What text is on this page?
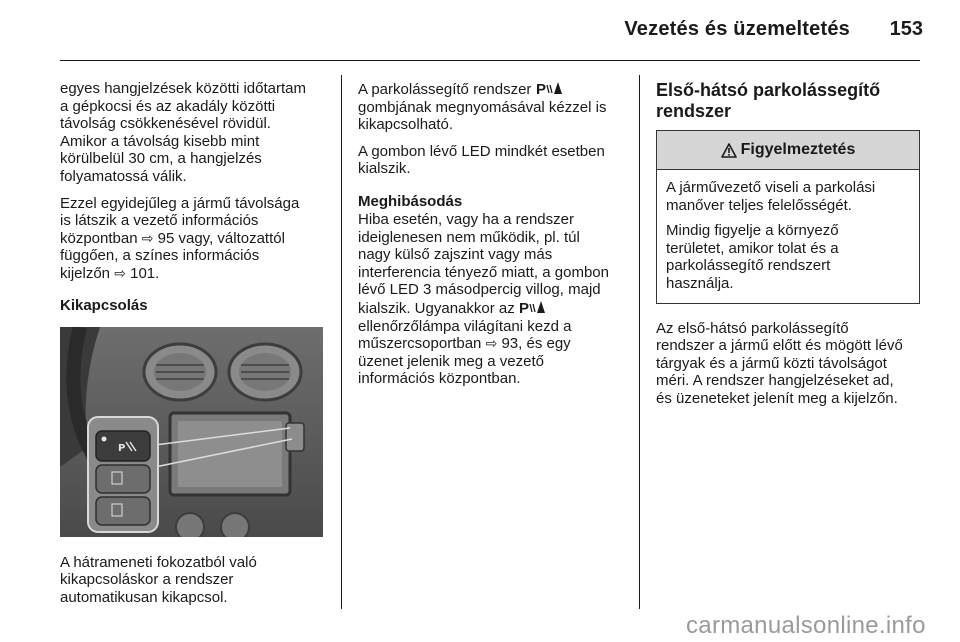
Vezetés és üzemeltetés	153

egyes hangjelzések közötti időtartam
a gépkocsi és az akadály közötti
távolság csökkenésével rövidül.
Amikor a távolság kisebb mint
körülbelül 30 cm, a hangjelzés
folyamatossá válik.

Ezzel egyidejűleg a jármű távolsága
is látszik a vezető információs
központban ⇨ 95 vagy, változattól
függően, a színes információs
kijelzőn ⇨ 101.

Kikapcsolás
P

A hátrameneti fokozatból való
kikapcsoláskor a rendszer
automatikusan kikapcsol.

A parkolássegítő rendszer P

gombjának megnyomásával kézzel is
kikapcsolható.

A gombon lévő LED mindkét esetben
kialszik.

Meghibásodás

Hiba esetén, vagy ha a rendszer
ideiglenesen nem működik, pl. túl
nagy külső zajszint vagy más
interferencia tényező miatt, a gombon
lévő LED 3 másodpercig villog, majd
kialszik. Ugyanakkor az P

ellenőrzőlámpa világítani kezd a
műszercsoportban ⇨ 93, és egy
üzenet jelenik meg a vezető
információs központban.

Első-hátsó parkolássegítő
rendszer
Figyelmeztetés

A járművezető viseli a parkolási
manőver teljes felelősségét.

Mindig figyelje a környező
területet, amikor tolat és a
parkolássegítő rendszert
használja.

Az első-hátsó parkolássegítő
rendszer a jármű előtt és mögött lévő
tárgyak és a jármű közti távolságot
méri. A rendszer hangjelzéseket ad,
és üzeneteket jelenít meg a kijelzőn.

carmanualsonline.info
